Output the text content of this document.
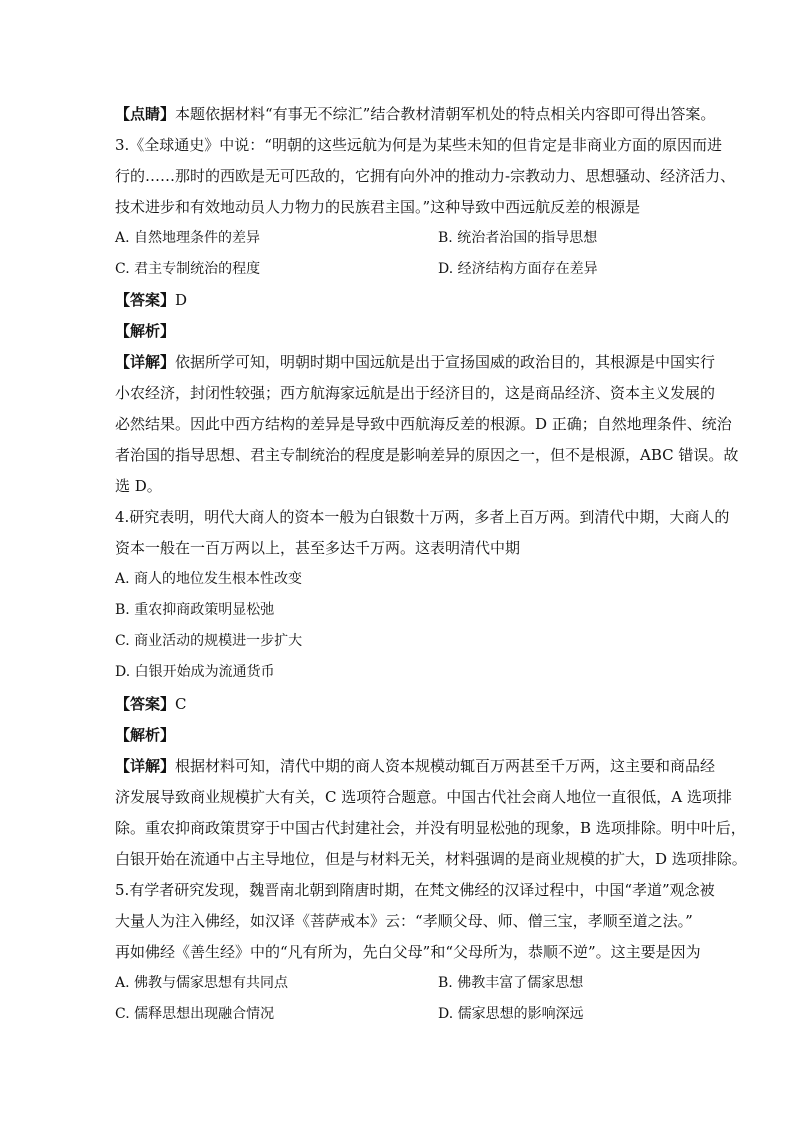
【点睛】本题依据材料“有事无不综汇”结合教材清朝军机处的特点相关内容即可得出答案。
3.《全球通史》中说：“明朝的这些远航为何是为某些未知的但肯定是非商业方面的原因而进
行的……那时的西欧是无可匹敌的，它拥有向外冲的推动力-宗教动力、思想骚动、经济活力、
技术进步和有效地动员人力物力的民族君主国。”这种导致中西远航反差的根源是
A. 自然地理条件的差异	B. 统治者治国的指导思想
C. 君主专制统治的程度	D. 经济结构方面存在差异
【答案】D
【解析】
【详解】依据所学可知，明朝时期中国远航是出于宣扬国威的政治目的，其根源是中国实行
小农经济，封闭性较强；西方航海家远航是出于经济目的，这是商品经济、资本主义发展的
必然结果。因此中西方结构的差异是导致中西航海反差的根源。D 正确；自然地理条件、统治
者治国的指导思想、君主专制统治的程度是影响差异的原因之一，但不是根源，ABC 错误。故
选 D。
4.研究表明，明代大商人的资本一般为白银数十万两，多者上百万两。到清代中期，大商人的
资本一般在一百万两以上，甚至多达千万两。这表明清代中期
A. 商人的地位发生根本性改变
B. 重农抑商政策明显松弛
C. 商业活动的规模进一步扩大
D. 白银开始成为流通货币
【答案】C
【解析】
【详解】根据材料可知，清代中期的商人资本规模动辄百万两甚至千万两，这主要和商品经
济发展导致商业规模扩大有关，C 选项符合题意。中国古代社会商人地位一直很低，A 选项排
除。重农抑商政策贯穿于中国古代封建社会，并没有明显松弛的现象，B 选项排除。明中叶后，
白银开始在流通中占主导地位，但是与材料无关，材料强调的是商业规模的扩大，D 选项排除。
5.有学者研究发现，魏晋南北朝到隋唐时期，在梵文佛经的汉译过程中，中国“孝道”观念被
大量人为注入佛经，如汉译《菩萨戒本》云：“孝顺父母、师、僧三宝，孝顺至道之法。”
再如佛经《善生经》中的“凡有所为，先白父母”和“父母所为，恭顺不逆”。这主要是因为
A. 佛教与儒家思想有共同点	B. 佛教丰富了儒家思想
C. 儒释思想出现融合情况	D. 儒家思想的影响深远
